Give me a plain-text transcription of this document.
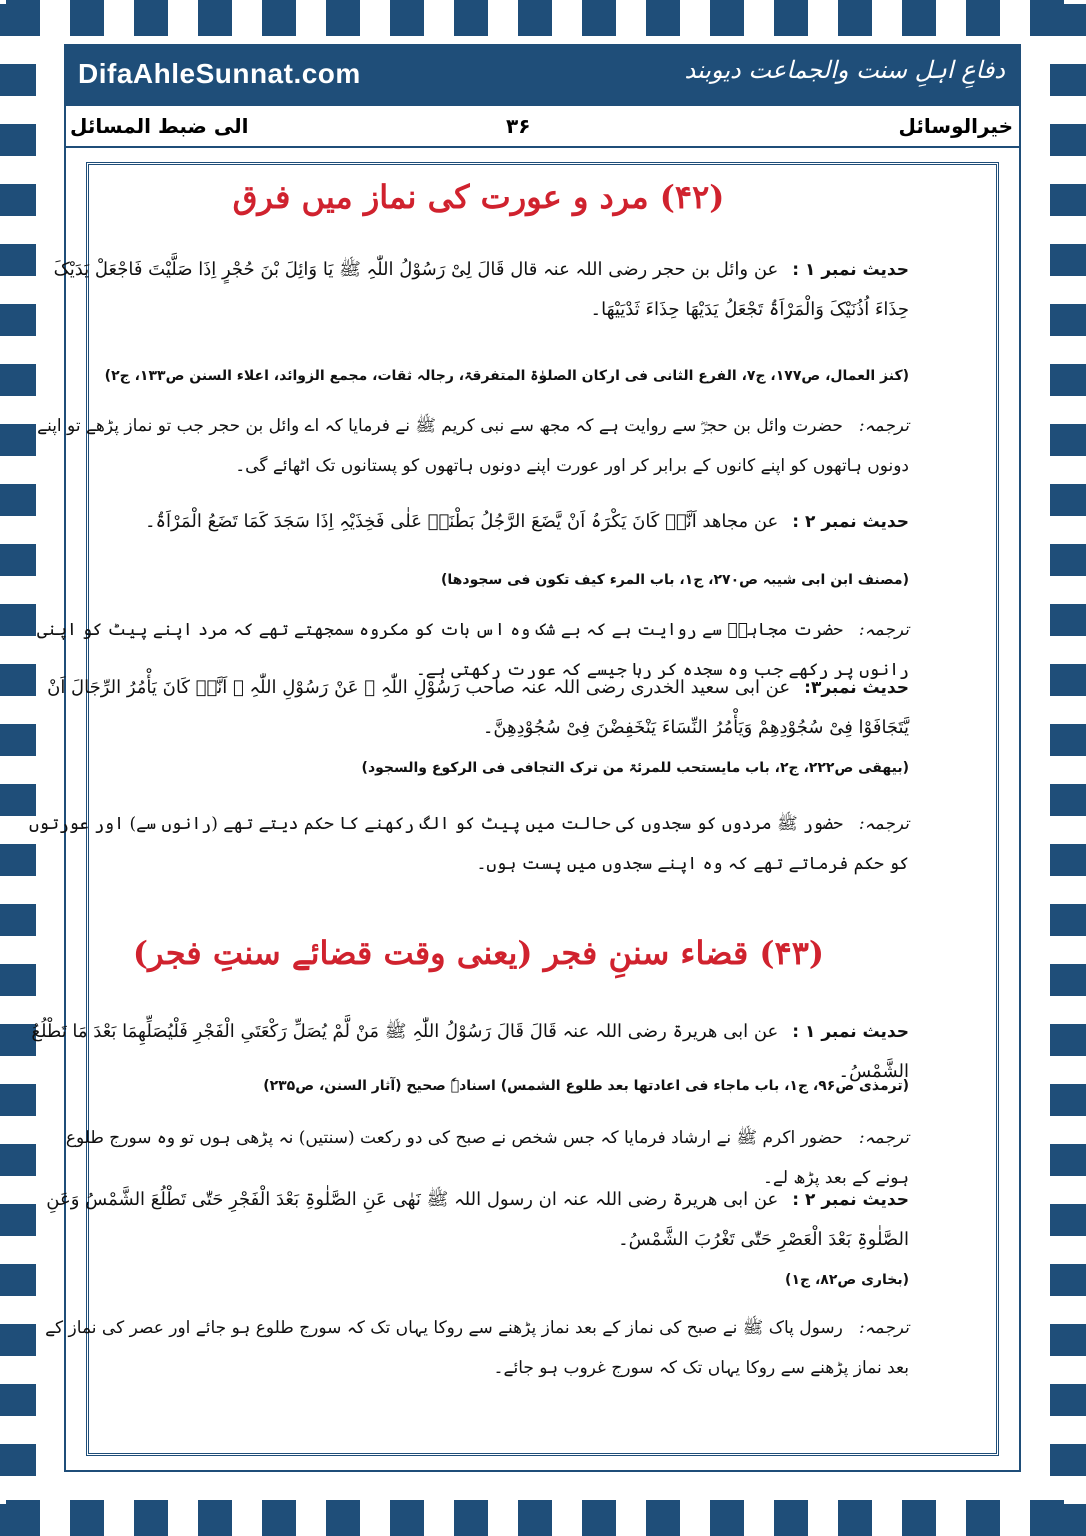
DifaAhleSunnat.com	دفاعِ اہلِ سنت والجماعت دیوبند
الی ضبط المسائل	۳۶	خیرالوسائل
(۴۲) مرد و عورت کی نماز میں فرق
حدیث نمبر ۱ :عن وائل بن حجر رضی اللہ عنہ قال قَالَ لِیْ رَسُوْلُ اللّٰہِ ﷺ یَا وَائِلَ بْنَ حُجْرٍ اِذَا صَلَّیْتَ فَاجْعَلْ یَدَیْکَ حِذَاءَ اُذُنَیْکَ وَالْمَرْاَۃُ تَجْعَلُ یَدَیْھَا حِذَاءَ ثَدْیَیْھَا۔
(کنز العمال، ص۱۷۷، ج۷، الفرع الثانی فی ارکان الصلوٰۃ المتفرقۃ، رجالہ ثقات، مجمع الزوائد، اعلاء السنن ص۱۳۳، ج۲)
ترجمہ:حضرت وائل بن حجرؓ سے روایت ہے کہ مجھ سے نبی کریم ﷺ نے فرمایا کہ اے وائل بن حجر جب تو نماز پڑھے تو اپنے دونوں ہاتھوں کو اپنے کانوں کے برابر کر اور عورت اپنے دونوں ہاتھوں کو پستانوں تک اٹھائے گی۔
حدیث نمبر ۲ :عن مجاھد اَنَّہٗ کَانَ یَکْرَہُ اَنْ یَّضَعَ الرَّجُلُ بَطْنَہٗ عَلٰی فَخِذَیْہِ اِذَا سَجَدَ کَمَا تَضَعُ الْمَرْاَۃُ۔
(مصنف ابن ابی شیبہ ص۲۷۰، ج۱، باب المرء کیف تکون فی سجودھا)
ترجمہ:حضرت مجاہدؒ سے روایت ہے کہ بے شک وہ اس بات کو مکروہ سمجھتے تھے کہ مرد اپنے پیٹ کو اپنی رانوں پر رکھے جب وہ سجدہ کر رہا جیسے کہ عورت رکھتی ہے۔
حدیث نمبر۳:عن ابی سعید الخدری رضی اللہ عنہ صاحب رَسُوْلِ اللّٰہِ ﷺ عَنْ رَسُوْلِ اللّٰہِ ﷺ اَنَّہٗ کَانَ یَأْمُرُ الرِّجَالَ اَنْ یَّتَجَافَوْا فِیْ سُجُوْدِھِمْ وَیَأْمُرُ النِّسَاءَ یَنْخَفِضْنَ فِیْ سُجُوْدِھِنَّ۔
(بیھقی ص۲۲۲، ج۲، باب مایستحب للمرئۃ من ترک التجافی فی الرکوع والسجود)
ترجمہ:حضور ﷺ مردوں کو سجدوں کی حالت میں پیٹ کو الگ رکھنے کا حکم دیتے تھے (رانوں سے) اور عورتوں کو حکم فرماتے تھے کہ وہ اپنے سجدوں میں پست ہوں۔
(۴۳) قضاء سننِ فجر (یعنی وقت قضائے سنتِ فجر)
حدیث نمبر ۱ :عن ابی ھریرۃ رضی اللہ عنہ قَالَ قَالَ رَسُوْلُ اللّٰہِ ﷺ مَنْ لَّمْ یُصَلِّ رَکْعَتَیِ الْفَجْرِ فَلْیُصَلِّھِمَا بَعْدَ مَا تَطْلُعُ الشَّمْسُ۔
(ترمذی ص۹۶، ج۱، باب ماجاء فی اعادتھا بعد طلوع الشمس) اسنادہٗ صحیح (آثار السنن، ص۲۳۵)
ترجمہ:حضور اکرم ﷺ نے ارشاد فرمایا کہ جس شخص نے صبح کی دو رکعت (سنتیں) نہ پڑھی ہوں تو وہ سورج طلوع ہونے کے بعد پڑھ لے۔
حدیث نمبر ۲ :عن ابی ھریرۃ رضی اللہ عنہ ان رسول اللہ ﷺ نَھٰی عَنِ الصَّلٰوۃِ بَعْدَ الْفَجْرِ حَتّٰی تَطْلُعَ الشَّمْسُ وَعَنِ الصَّلٰوۃِ بَعْدَ الْعَصْرِ حَتّٰی تَغْرُبَ الشَّمْسُ۔
(بخاری ص۸۲، ج۱)
ترجمہ:رسول پاک ﷺ نے صبح کی نماز کے بعد نماز پڑھنے سے روکا یہاں تک کہ سورج طلوع ہو جائے اور عصر کی نماز کے بعد نماز پڑھنے سے روکا یہاں تک کہ سورج غروب ہو جائے۔
